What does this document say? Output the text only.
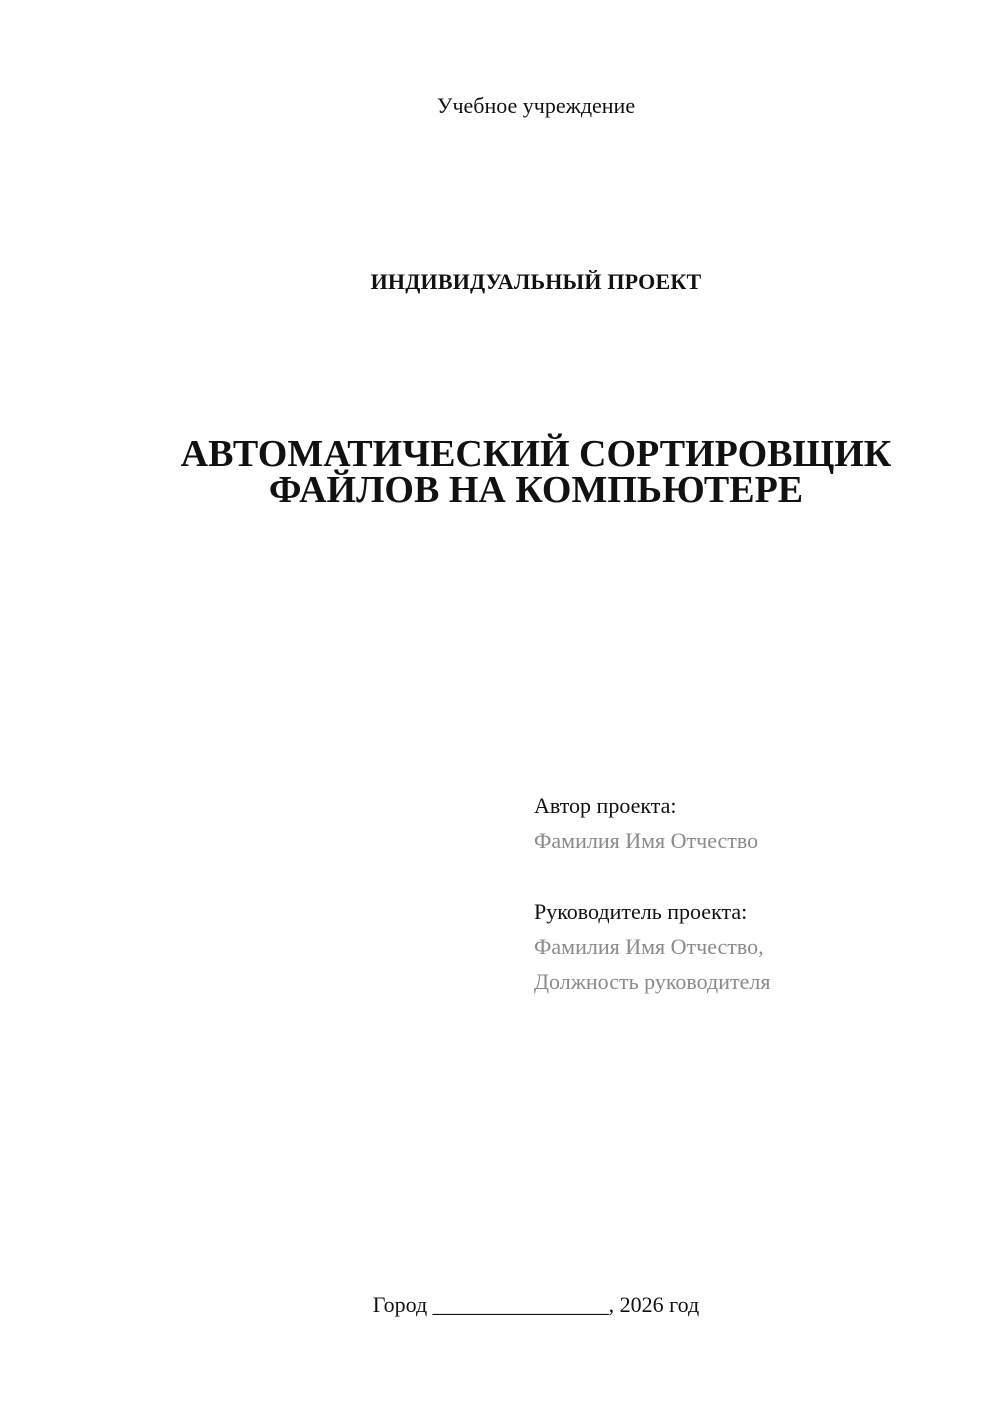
Учебное учреждение
ИНДИВИДУАЛЬНЫЙ ПРОЕКТ
АВТОМАТИЧЕСКИЙ СОРТИРОВЩИК
ФАЙЛОВ НА КОМПЬЮТЕРЕ
Автор проекта:
Фамилия Имя Отчество
Руководитель проекта:
Фамилия Имя Отчество,
Должность руководителя
Город ________________, 2026 год
